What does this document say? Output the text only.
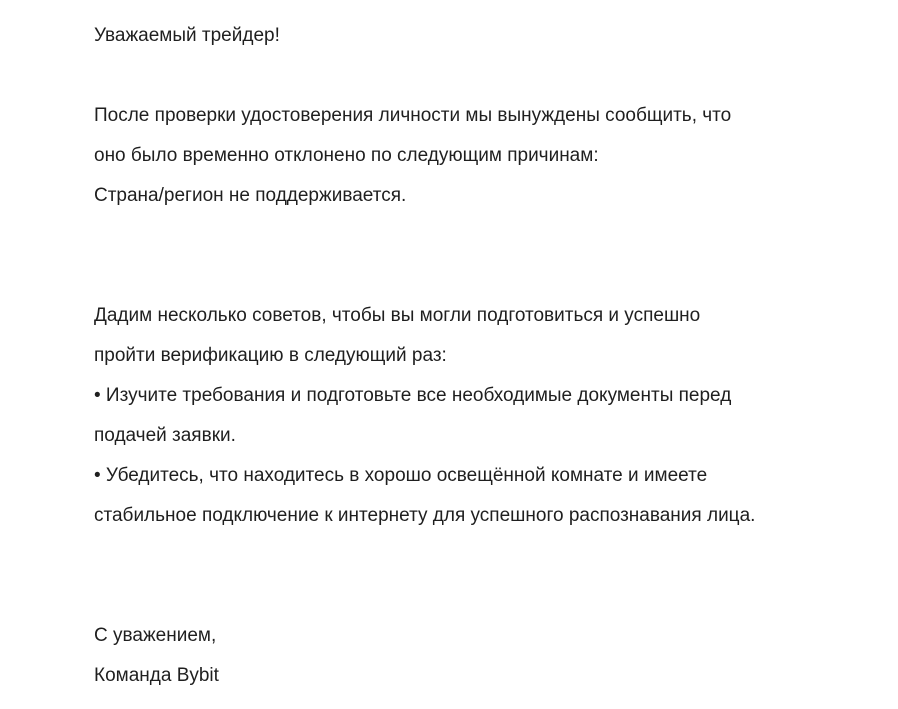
Уважаемый трейдер!
После проверки удостоверения личности мы вынуждены сообщить, что
оно было временно отклонено по следующим причинам:
Страна/регион не поддерживается.
Дадим несколько советов, чтобы вы могли подготовиться и успешно
пройти верификацию в следующий раз:
• Изучите требования и подготовьте все необходимые документы перед
подачей заявки.
• Убедитесь, что находитесь в хорошо освещённой комнате и имеете
стабильное подключение к интернету для успешного распознавания лица.
С уважением,
Команда Bybit
